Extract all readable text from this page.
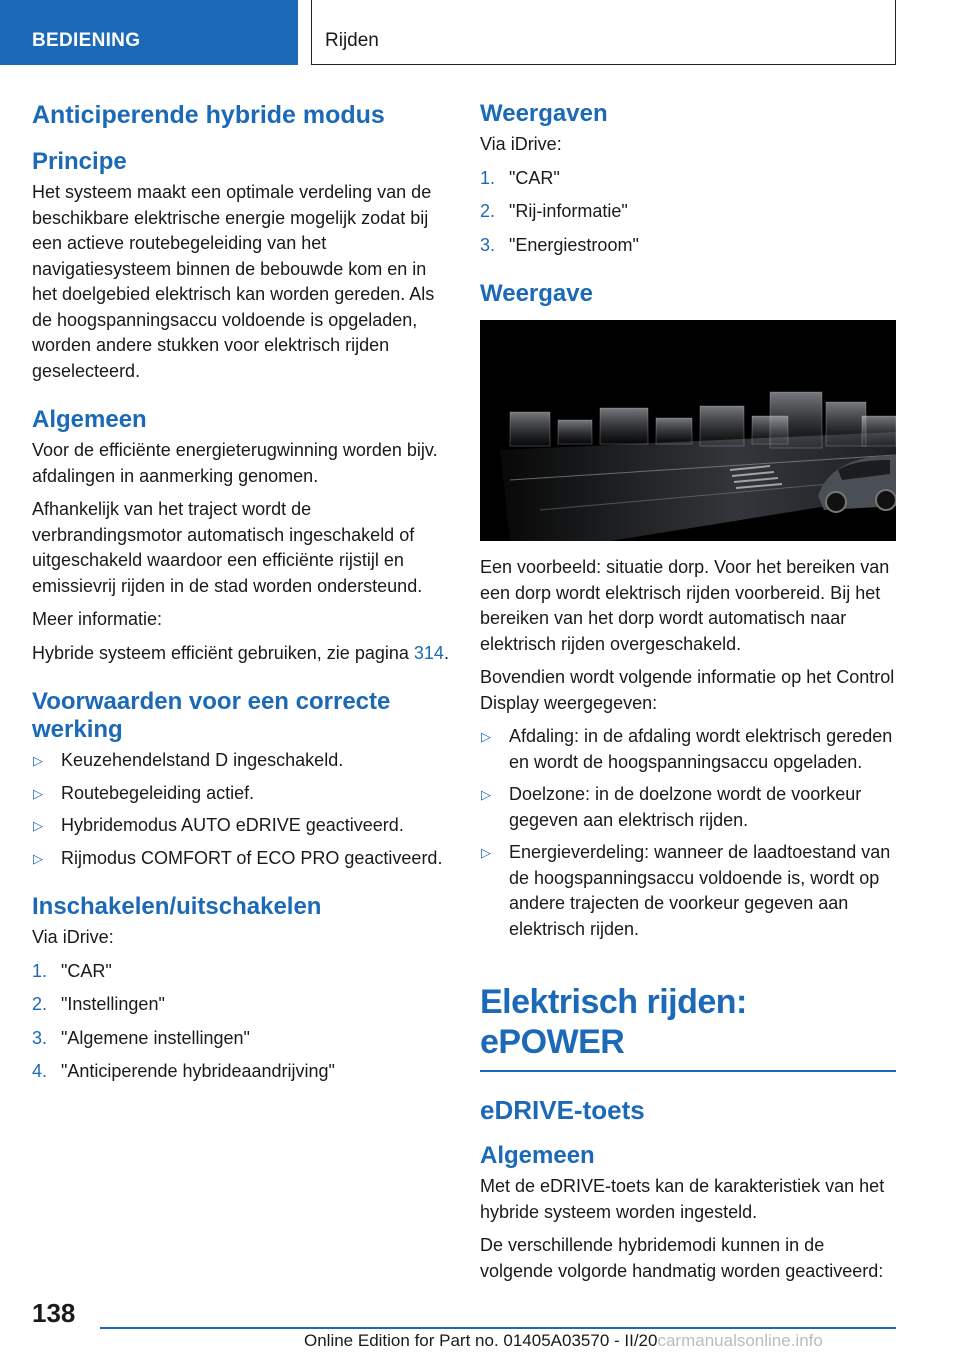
BEDIENING	Rijden
Anticiperende hybride modus
Principe

Het systeem maakt een optimale verdeling van de beschikbare elektrische energie mogelijk zodat bij een actieve routebegeleiding van het navigatiesysteem binnen de bebouwde kom en in het doelgebied elektrisch kan worden gereden. Als de hoogspanningsaccu voldoende is opgeladen, worden andere stukken voor elektrisch rijden geselecteerd.

Algemeen

Voor de efficiënte energieterugwinning worden bijv. afdalingen in aanmerking genomen.

Afhankelijk van het traject wordt de verbrandingsmotor automatisch ingeschakeld of uitgeschakeld waardoor een efficiënte rijstijl en emissievrij rijden in de stad worden ondersteund.

Meer informatie:

Hybride systeem efficiënt gebruiken, zie pagina 314.

Voorwaarden voor een correcte werking
▷ Keuzehendelstand D ingeschakeld.
▷ Routebegeleiding actief.
▷ Hybridemodus AUTO eDRIVE geactiveerd.
▷ Rijmodus COMFORT of ECO PRO geactiveerd.
Inschakelen/uitschakelen

Via iDrive:

1. "CAR"
2. "Instellingen"
3. "Algemene instellingen"
4. "Anticiperende hybrideaandrijving"
Weergaven

Via iDrive:

1. "CAR"
2. "Rij-informatie"
3. "Energiestroom"
Weergave

Een voorbeeld: situatie dorp. Voor het bereiken van een dorp wordt elektrisch rijden voorbereid. Bij het bereiken van het dorp wordt automatisch naar elektrisch rijden overgeschakeld.

Bovendien wordt volgende informatie op het Control Display weergegeven:

▷ Afdaling: in de afdaling wordt elektrisch gereden en wordt de hoogspanningsaccu opgeladen.
▷ Doelzone: in de doelzone wordt de voorkeur gegeven aan elektrisch rijden.
▷ Energieverdeling: wanneer de laadtoestand van de hoogspanningsaccu voldoende is, wordt op andere trajecten de voorkeur gegeven aan elektrisch rijden.
Elektrisch rijden: ePOWER
eDRIVE-toets
Algemeen

Met de eDRIVE-toets kan de karakteristiek van het hybride systeem worden ingesteld.

De verschillende hybridemodi kunnen in de volgende volgorde handmatig worden geactiveerd:

138
Online Edition for Part no. 01405A03570 - II/20carmanualsonline.info
